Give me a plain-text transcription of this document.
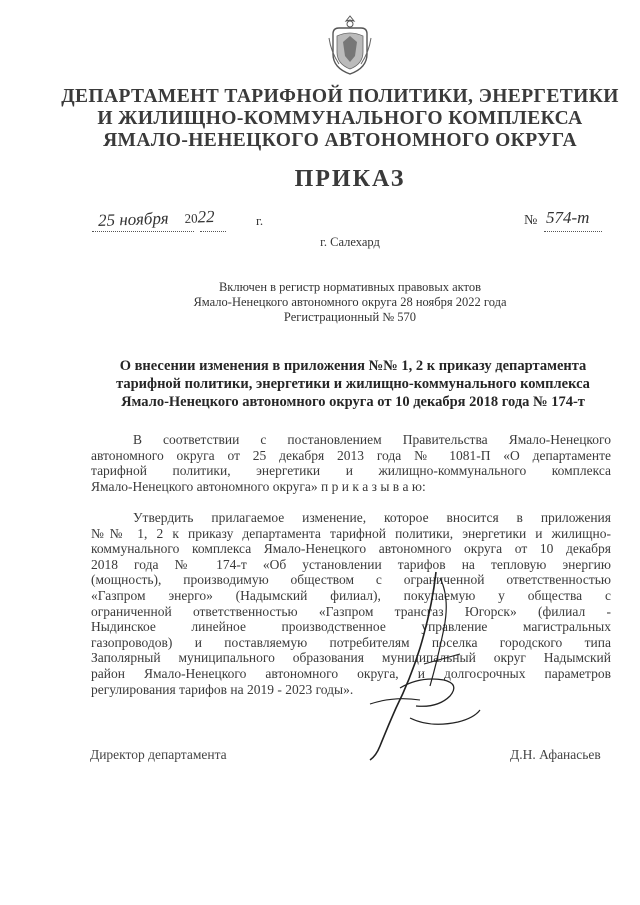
ДЕПАРТАМЕНТ ТАРИФНОЙ ПОЛИТИКИ, ЭНЕРГЕТИКИ
И ЖИЛИЩНО-КОММУНАЛЬНОГО КОМПЛЕКСА
ЯМАЛО-НЕНЕЦКОГО АВТОНОМНОГО ОКРУГА
ПРИКАЗ
25 ноября 2022	г.	№ 574-т
г. Салехард
Включен в регистр нормативных правовых актов
Ямало-Ненецкого автономного округа 28 ноября 2022 года
Регистрационный № 570
О внесении изменения в приложения №№ 1, 2 к приказу департамента
тарифной политики, энергетики и жилищно-коммунального комплекса
Ямало-Ненецкого автономного округа от 10 декабря 2018 года № 174-т
В соответствии с постановлением Правительства Ямало-Ненецкого
автономного округа от 25 декабря 2013 года № 1081-П «О департаменте
тарифной политики, энергетики и жилищно-коммунального комплекса
Ямало-Ненецкого автономного округа» п р и к а з ы в а ю:
Утвердить прилагаемое изменение, которое вносится в приложения
№№ 1, 2 к приказу департамента тарифной политики, энергетики и жилищно-
коммунального комплекса Ямало-Ненецкого автономного округа от 10 декабря
2018 года № 174-т «Об установлении тарифов на тепловую энергию
(мощность), производимую обществом с ограниченной ответственностью
«Газпром энерго» (Надымский филиал), покупаемую у общества с
ограниченной ответственностью «Газпром трансгаз Югорск» (филиал -
Ныдинское линейное производственное управление магистральных
газопроводов) и поставляемую потребителям поселка городского типа
Заполярный муниципального образования муниципальный округ Надымский
район Ямало-Ненецкого автономного округа, и долгосрочных параметров
регулирования тарифов на 2019 - 2023 годы».
Директор департамента	Д.Н. Афанасьев
